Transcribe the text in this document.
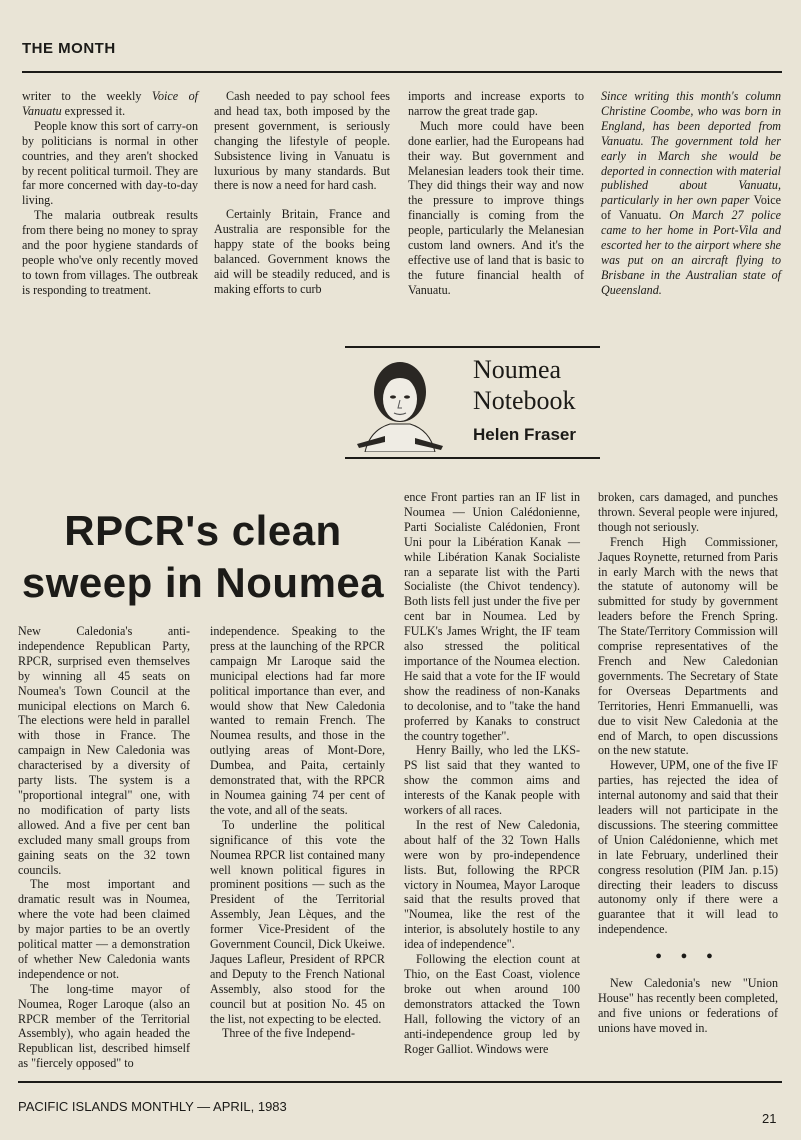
THE MONTH

writer to the weekly Voice of Vanuatu expressed it.

People know this sort of carry-on by politicians is normal in other countries, and they aren't shocked by recent political turmoil. They are far more concerned with day-to-day living.

The malaria outbreak results from there being no money to spray and the poor hygiene standards of people who've only recently moved to town from villages. The outbreak is responding to treatment.

Cash needed to pay school fees and head tax, both imposed by the present government, is seriously changing the lifestyle of people. Subsistence living in Vanuatu is luxurious by many standards. But there is now a need for hard cash.

Certainly Britain, France and Australia are responsible for the happy state of the books being balanced. Government knows the aid will be steadily reduced, and is making efforts to curb

imports and increase exports to narrow the great trade gap.

Much more could have been done earlier, had the Europeans had their way. But government and Melanesian leaders took their time. They did things their way and now the pressure to improve things financially is coming from the people, particularly the Melanesian custom land owners. And it's the effective use of land that is basic to the future financial health of Vanuatu.

Since writing this month's column Christine Coombe, who was born in England, has been deported from Vanuatu. The government told her early in March she would be deported in connection with material published about Vanuatu, particularly in her own paper Voice of Vanuatu. On March 27 police came to her home in Port-Vila and escorted her to the airport where she was put on an aircraft flying to Brisbane in the Australian state of Queensland.

Noumea
Notebook
Helen Fraser
RPCR's clean
sweep in Noumea

New Caledonia's anti-independence Republican Party, RPCR, surprised even themselves by winning all 45 seats on Noumea's Town Council at the municipal elections on March 6. The elections were held in parallel with those in France. The campaign in New Caledonia was characterised by a diversity of party lists. The system is a "proportional integral" one, with no modification of party lists allowed. And a five per cent ban excluded many small groups from gaining seats on the 32 town councils.

The most important and dramatic result was in Noumea, where the vote had been claimed by major parties to be an overtly political matter — a demonstration of whether New Caledonia wants independence or not.

The long-time mayor of Noumea, Roger Laroque (also an RPCR member of the Territorial Assembly), who again headed the Republican list, described himself as "fiercely opposed" to

independence. Speaking to the press at the launching of the RPCR campaign Mr Laroque said the municipal elections had far more political importance than ever, and would show that New Caledonia wanted to remain French. The Noumea results, and those in the outlying areas of Mont-Dore, Dumbea, and Paita, certainly demonstrated that, with the RPCR in Noumea gaining 74 per cent of the vote, and all of the seats.

To underline the political significance of this vote the Noumea RPCR list contained many well known political figures in prominent positions — such as the President of the Territorial Assembly, Jean Lèques, and the former Vice-President of the Government Council, Dick Ukeiwe. Jaques Lafleur, President of RPCR and Deputy to the French National Assembly, also stood for the council but at position No. 45 on the list, not expecting to be elected.

Three of the five Independ-

ence Front parties ran an IF list in Noumea — Union Calédonienne, Parti Socialiste Calédonien, Front Uni pour la Libération Kanak — while Libération Kanak Socialiste ran a separate list with the Parti Socialiste (the Chivot tendency). Both lists fell just under the five per cent bar in Noumea. Led by FULK's James Wright, the IF team also stressed the political importance of the Noumea election. He said that a vote for the IF would show the readiness of non-Kanaks to decolonise, and to "take the hand proferred by Kanaks to construct the country together".

Henry Bailly, who led the LKS-PS list said that they wanted to show the common aims and interests of the Kanak people with workers of all races.

In the rest of New Caledonia, about half of the 32 Town Halls were won by pro-independence lists. But, following the RPCR victory in Noumea, Mayor Laroque said that the results proved that "Noumea, like the rest of the interior, is absolutely hostile to any idea of independence".

Following the election count at Thio, on the East Coast, violence broke out when around 100 demonstrators attacked the Town Hall, following the victory of an anti-independence group led by Roger Galliot. Windows were

broken, cars damaged, and punches thrown. Several people were injured, though not seriously.

French High Commissioner, Jaques Roynette, returned from Paris in early March with the news that the statute of autonomy will be submitted for study by government leaders before the French Spring. The State/Territory Commission will comprise representatives of the French and New Caledonian governments. The Secretary of State for Overseas Departments and Territories, Henri Emmanuelli, was due to visit New Caledonia at the end of March, to open discussions on the new statute.

However, UPM, one of the five IF parties, has rejected the idea of internal autonomy and said that their leaders will not participate in the discussions. The steering committee of Union Calédonienne, which met in late February, underlined their congress resolution (PIM Jan. p.15) directing their leaders to discuss autonomy only if there were a guarantee that it will lead to independence.

● ● ●

New Caledonia's new "Union House" has recently been completed, and five unions or federations of unions have moved in.

PACIFIC ISLANDS MONTHLY — APRIL, 1983
21
